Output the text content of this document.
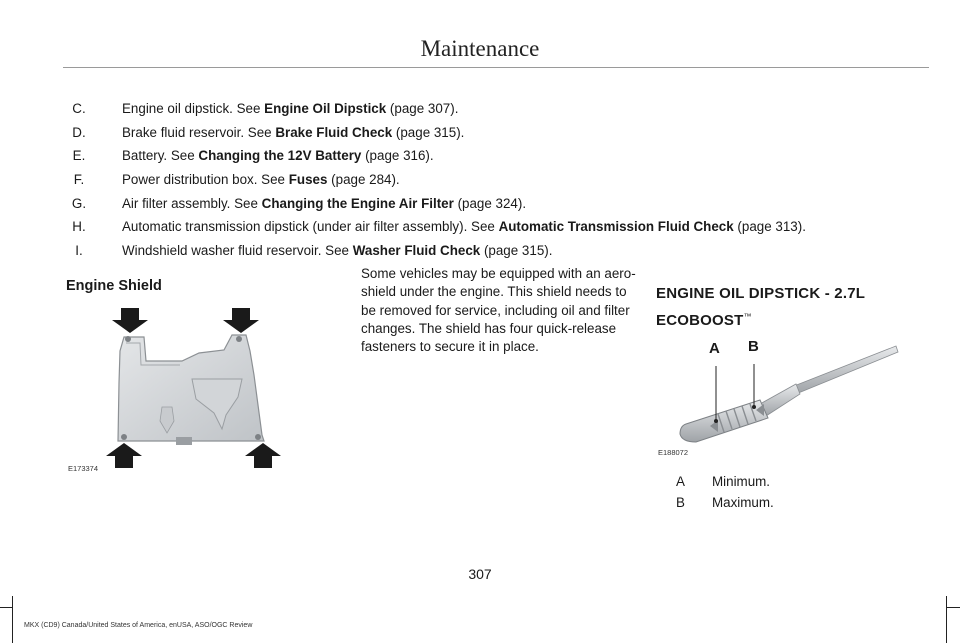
Maintenance
C.	Engine oil dipstick. See Engine Oil Dipstick (page 307).
D.	Brake fluid reservoir. See Brake Fluid Check (page 315).
E.	Battery. See Changing the 12V Battery (page 316).
F.	Power distribution box. See Fuses (page 284).
G.	Air filter assembly. See Changing the Engine Air Filter (page 324).
H.	Automatic transmission dipstick (under air filter assembly). See Automatic Transmission Fluid Check (page 313).
I.	Windshield washer fluid reservoir. See Washer Fluid Check (page 315).
Engine Shield
E173374
Some vehicles may be equipped with an aero-shield under the engine. This shield needs to be removed for service, including oil and filter changes. The shield has four quick-release fasteners to secure it in place.
ENGINE OIL DIPSTICK - 2.7L
ECOBOOST™
A B
E188072
A	Minimum.
B	Maximum.
307
MKX (CD9) Canada/United States of America, enUSA, ASO/OGC Review
